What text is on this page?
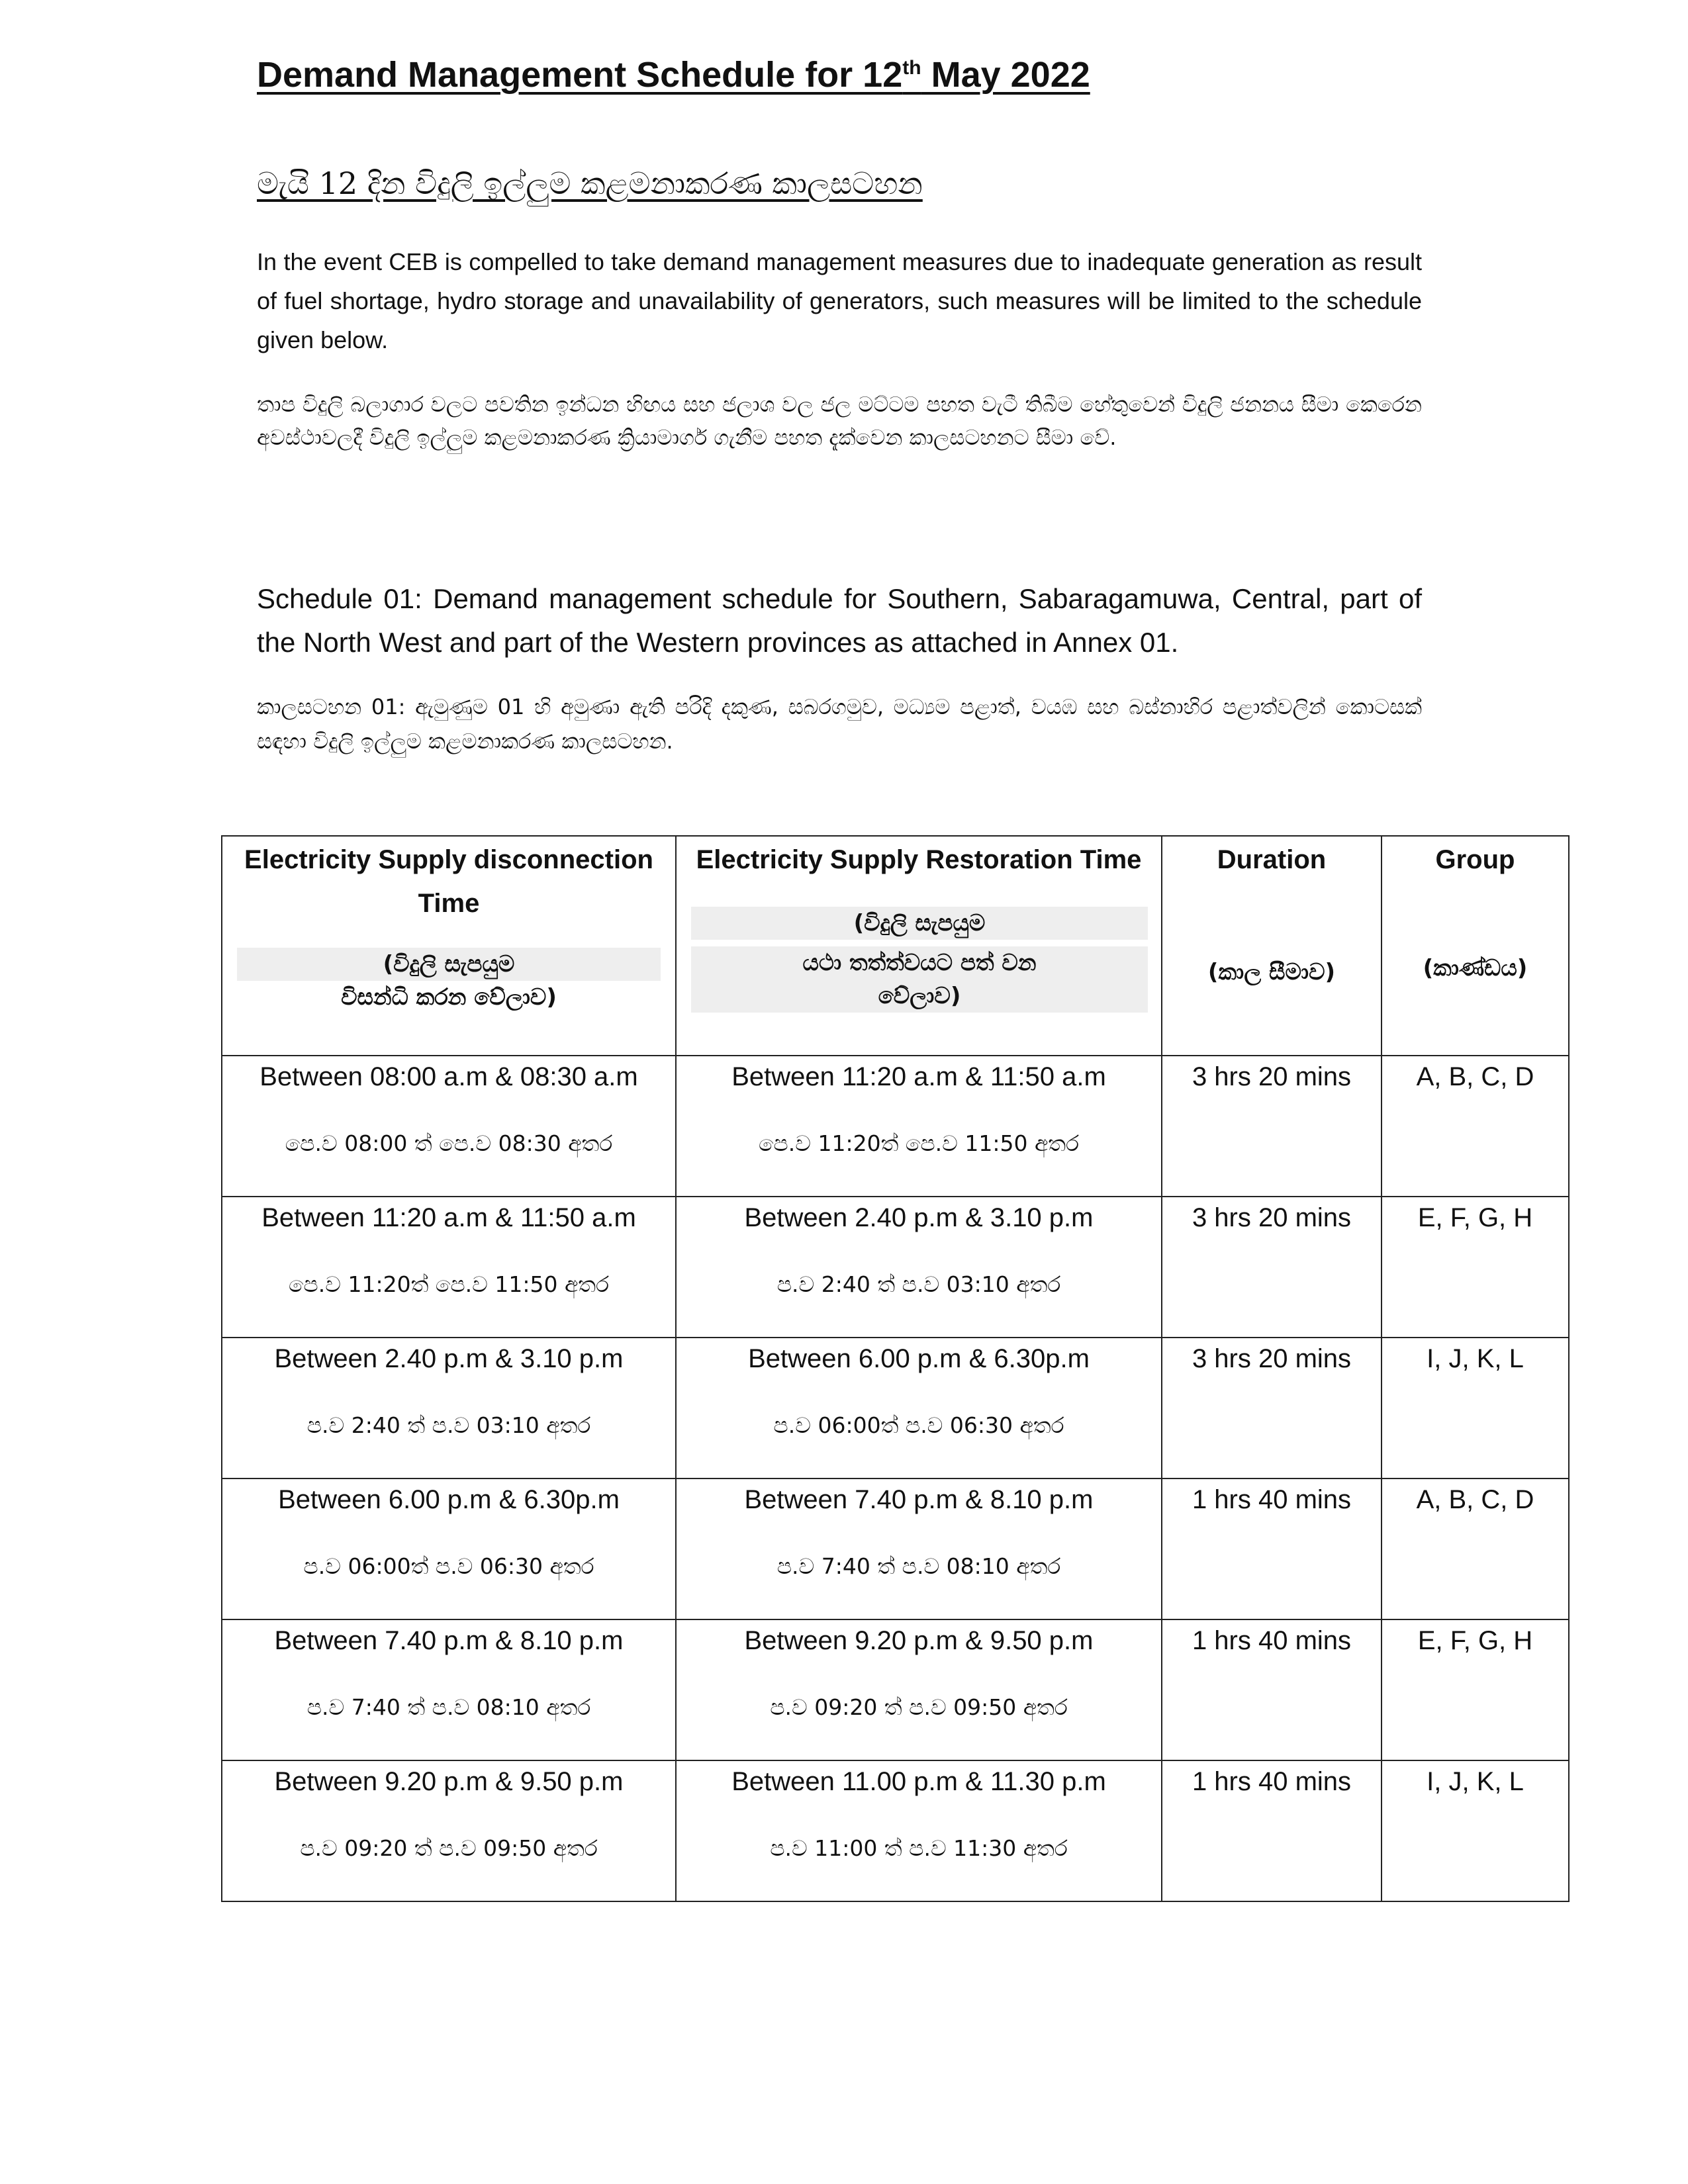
Demand Management Schedule for 12th May 2022
මැයි 12 දින විදුලි ඉල්ලුම කළමනාකරණ කාලසටහන

In the event CEB is compelled to take demand management measures due to inadequate generation as result of fuel shortage, hydro storage and unavailability of generators, such measures will be limited to the schedule given below.

තාප විදුලි බලාගාර වලට පවතින ඉන්ධන හිඟය සහ ජලාශ වල ජල මට්ටම පහත වැටී තිබීම හේතුවෙන් විදුලි ජනනය සීමා කෙරෙන අවස්ථාවලදී විදුලි ඉල්ලුම කළමනාකරණ ක්‍රියාමාර්ග ගැනීම පහත දැක්වෙන කාලසටහනට සීමා වේ.

Schedule 01: Demand management schedule for Southern, Sabaragamuwa, Central, part of the North West and part of the Western provinces as attached in Annex 01.

කාලසටහන 01: ඇමුණුම 01 හි අමුණා ඇති පරිදි දකුණ, සබරගමුව, මධ්‍යම පළාත්, වයඹ සහ බස්නාහිර පළාත්වලින් කොටසක් සඳහා විදුලි ඉල්ලුම කළමනාකරණ කාලසටහන.

Electricity Supply disconnection Time
(විදුලි සැපයුම
විසන්ධි කරන වේලාව)	Electricity Supply Restoration Time
(විදුලි සැපයුම
යථා තත්ත්වයට පත් වන
වේලාව)	Duration
(කාල සීමාව)	Group
(කාණ්ඩය)

Between 08:00 a.m & 08:30 a.m
පෙ.ව 08:00 ත් පෙ.ව 08:30 අතර	Between 11:20 a.m & 11:50 a.m
පෙ.ව 11:20ත් පෙ.ව 11:50 අතර	3 hrs 20 mins	A, B, C, D

Between 11:20 a.m & 11:50 a.m
පෙ.ව 11:20ත් පෙ.ව 11:50 අතර	Between 2.40 p.m & 3.10 p.m
ප.ව 2:40 ත් ප.ව 03:10 අතර	3 hrs 20 mins	E, F, G, H

Between 2.40 p.m & 3.10 p.m
ප.ව 2:40 ත් ප.ව 03:10 අතර	Between 6.00 p.m & 6.30p.m
ප.ව 06:00ත් ප.ව 06:30 අතර	3 hrs 20 mins	I, J, K, L

Between 6.00 p.m & 6.30p.m
ප.ව 06:00ත් ප.ව 06:30 අතර	Between 7.40 p.m & 8.10 p.m
ප.ව 7:40 ත් ප.ව 08:10 අතර	1 hrs 40 mins	A, B, C, D

Between 7.40 p.m & 8.10 p.m
ප.ව 7:40 ත් ප.ව 08:10 අතර	Between 9.20 p.m & 9.50 p.m
ප.ව 09:20 ත් ප.ව 09:50 අතර	1 hrs 40 mins	E, F, G, H

Between 9.20 p.m & 9.50 p.m
ප.ව 09:20 ත් ප.ව 09:50 අතර	Between 11.00 p.m & 11.30 p.m
ප.ව 11:00 ත් ප.ව 11:30 අතර	1 hrs 40 mins	I, J, K, L
